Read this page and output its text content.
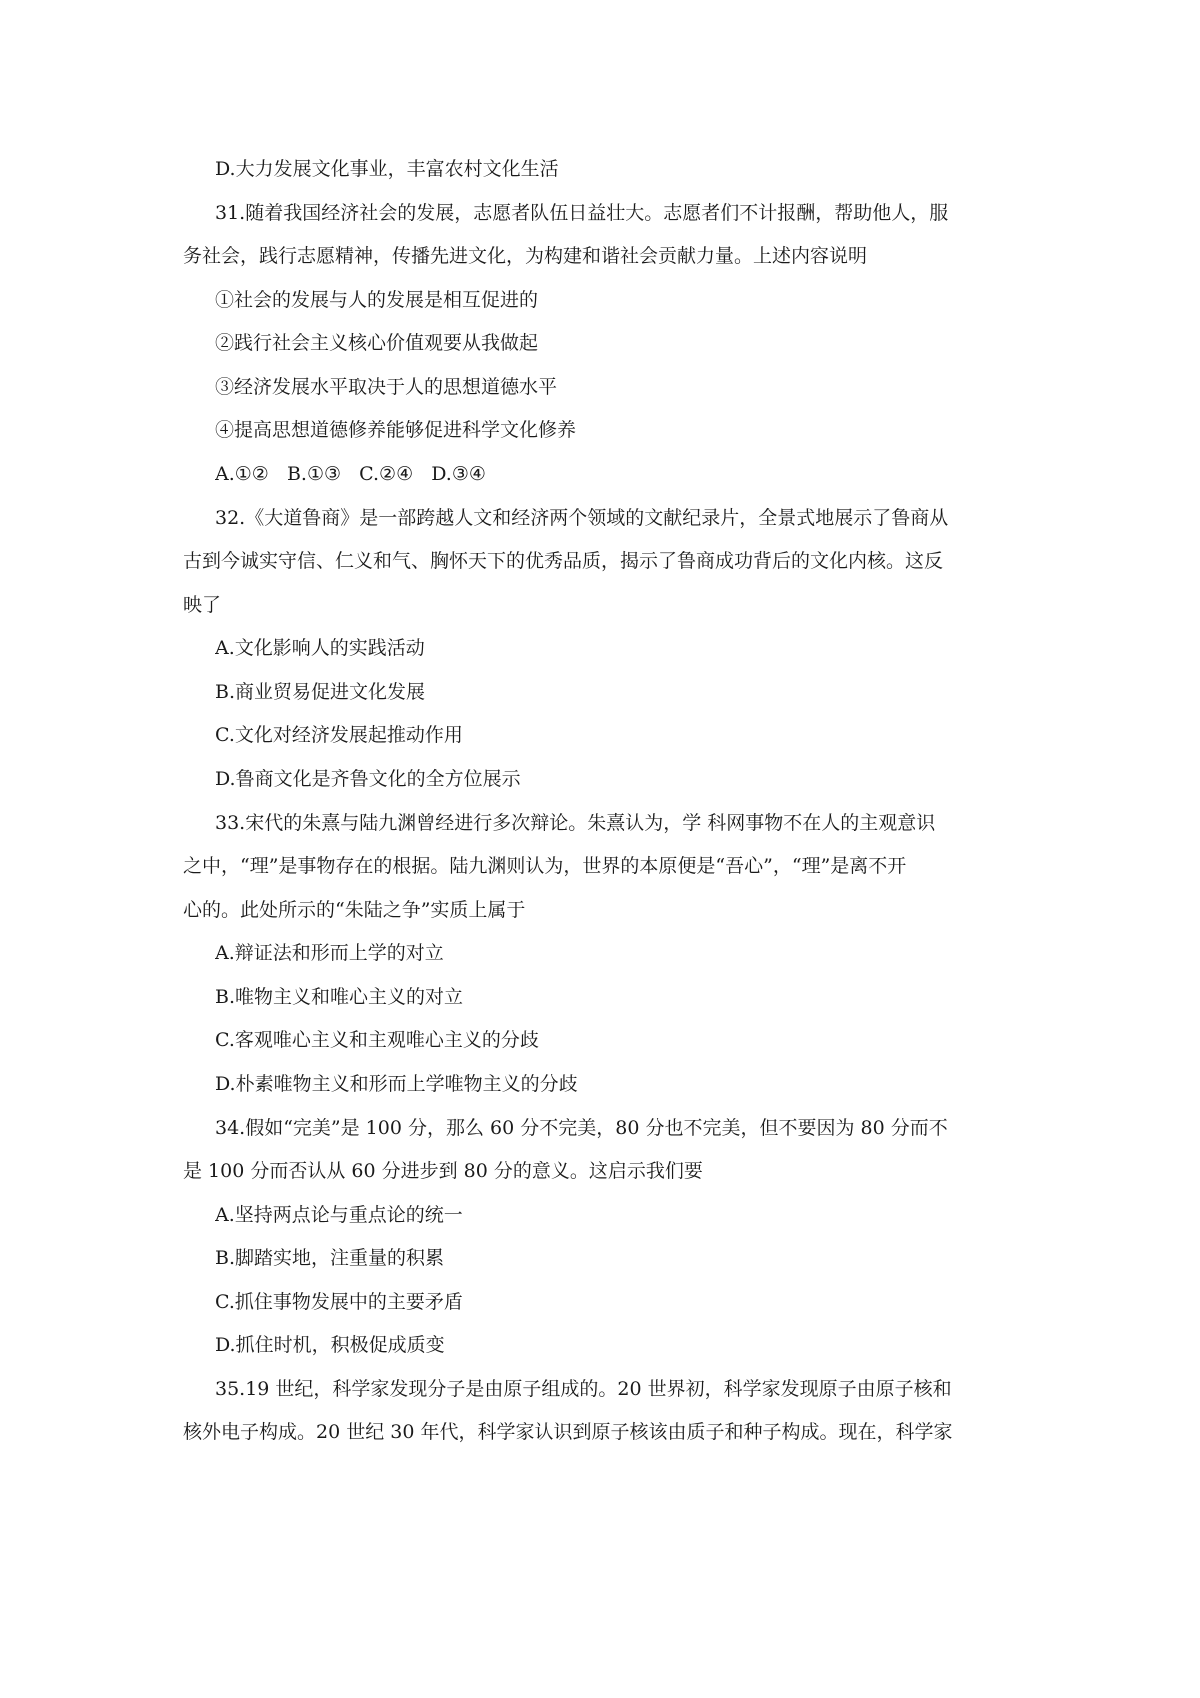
D.大力发展文化事业，丰富农村文化生活
31.随着我国经济社会的发展，志愿者队伍日益壮大。志愿者们不计报酬，帮助他人，服
务社会，践行志愿精神，传播先进文化，为构建和谐社会贡献力量。上述内容说明
①社会的发展与人的发展是相互促进的
②践行社会主义核心价值观要从我做起
③经济发展水平取决于人的思想道德水平
④提高思想道德修养能够促进科学文化修养
A.①②   B.①③   C.②④   D.③④
32.《大道鲁商》是一部跨越人文和经济两个领域的文献纪录片，全景式地展示了鲁商从
古到今诚实守信、仁义和气、胸怀天下的优秀品质，揭示了鲁商成功背后的文化内核。这反
映了
A.文化影响人的实践活动
B.商业贸易促进文化发展
C.文化对经济发展起推动作用
D.鲁商文化是齐鲁文化的全方位展示
33.宋代的朱熹与陆九渊曾经进行多次辩论。朱熹认为，学 科网事物不在人的主观意识
之中，“理”是事物存在的根据。陆九渊则认为，世界的本原便是“吾心”，“理”是离不开
心的。此处所示的“朱陆之争”实质上属于
A.辩证法和形而上学的对立
B.唯物主义和唯心主义的对立
C.客观唯心主义和主观唯心主义的分歧
D.朴素唯物主义和形而上学唯物主义的分歧
34.假如“完美”是 100 分，那么 60 分不完美，80 分也不完美，但不要因为 80 分而不
是 100 分而否认从 60 分进步到 80 分的意义。这启示我们要
A.坚持两点论与重点论的统一
B.脚踏实地，注重量的积累
C.抓住事物发展中的主要矛盾
D.抓住时机，积极促成质变
35.19 世纪，科学家发现分子是由原子组成的。20 世界初，科学家发现原子由原子核和
核外电子构成。20 世纪 30 年代，科学家认识到原子核该由质子和种子构成。现在，科学家
